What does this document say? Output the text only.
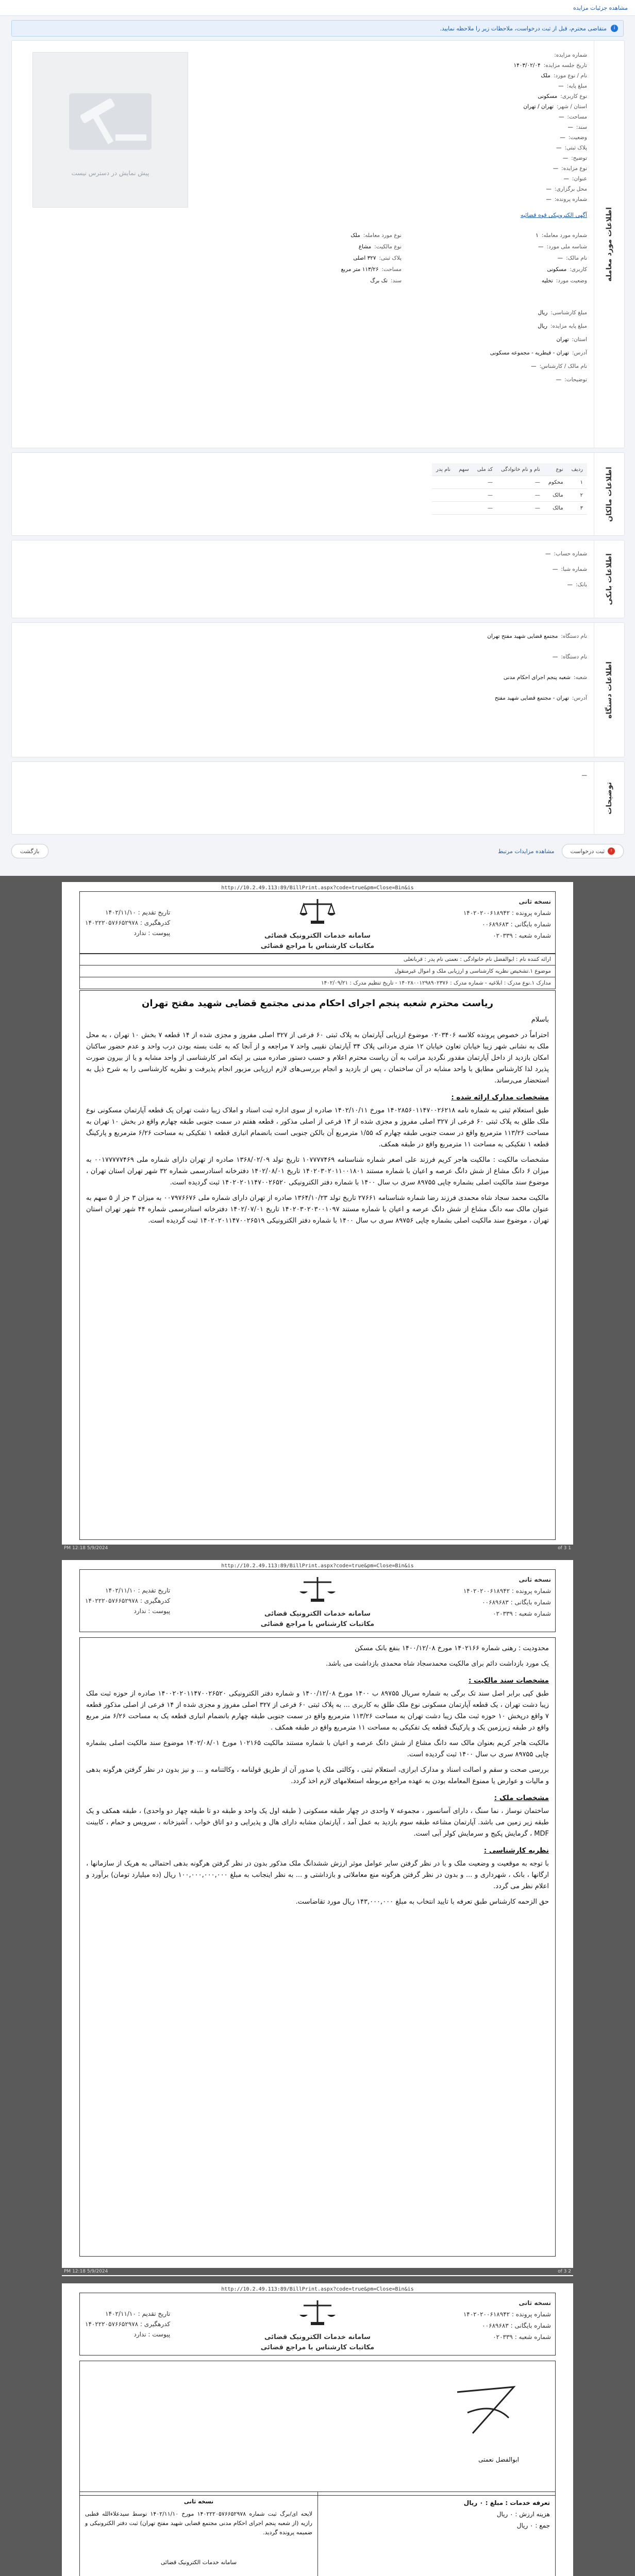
مشاهده جزئیات مزایده
i
متقاضی محترم، قبل از ثبت درخواست، ملاحظات زیر را ملاحظه نمایید.
اطلاعات مورد معامله
پیش نمایش در دسترس نیست
شماره مزایده:
تاریخ جلسه مزایده:
۱۴۰۳/۰۲/۰۴
نام / نوع مورد:
ملک
مبلغ پایه:
—
نوع کاربری:
مسکونی
استان / شهر:
تهران / تهران
مساحت:
—
سند:
—
وضعیت:
—
پلاک ثبتی:
—
توضیح:
—
نوع مزایده:
—
عنوان:
—
محل برگزاری:
—
شماره پرونده:
—
آگهی الکترونیکی قوه قضائیه
شماره مورد معامله:
۱
نوع مورد معامله:
ملک
شناسه ملی مورد:
—
نوع مالکیت:
مشاع
نام مالک:
—
پلاک ثبتی:
۳۲۷ اصلی
کاربری:
مسکونی
مساحت:
۱۱۳/۲۶ متر مربع
وضعیت مورد:
تخلیه
سند:
تک برگ
مبلغ کارشناسی:
ریال
مبلغ پایه مزایده:
ریال
استان:
تهران
آدرس:
تهران - قیطریه - مجموعه مسکونی
نام مالک / کارشناس:
—
توضیحات:
—
اطلاعات مالکان
ردیف	نوع	نام و نام خانوادگی	کد ملی	سهم	نام پدر
۱	محکوم	—	—		
۲	مالک	—	—		
۳	مالک	—	—		
اطلاعات بانکی
شماره حساب:
—
شماره شبا:
—
بانک:
—
اطلاعات دستگاه
نام دستگاه:
مجتمع قضایی شهید مفتح تهران
نام دستگاه:
—
شعبه:
شعبه پنجم اجرای احکام مدنی
آدرس:
تهران - مجتمع قضایی شهید مفتح
توضیحات
—
!
ثبت درخواست
مشاهده مزایدات مرتبط
بازگشت
http://10.2.49.113:89/BillPrint.aspx?code=true&pm=Close=Bin&is
نسخه ثانی
شماره پرونده : ۱۴۰۲۰۲۰۰۶۱۸۹۴۲
شماره بایگانی : ۰۰۶۸۹۶۸۳
شماره شعبه : ۰۲۰۳۳۹
سامانه خدمات الکترونیک قضائی
مکاتبات کارشناس با مراجع قضائی
تاریخ تقدیم : ۱۴۰۲/۱۱/۱۰
کدرهگیری : ۱۴۰۲۲۲۰۵۷۶۶۵۲۹۷۸
پیوست : ندارد
ارائه کننده نام : ابوالفضل نام خانوادگی : نعمتی نام پدر : قربانعلی
موضوع ۱.تشخیص نظریه کارشناسی و ارزیابی ملک و اموال غیرمنقول
مدارک ۱.نوع مدرک : ابلاغیه - شماره مدرک : ۱۴۰۲۸۰۰۱۲۹۸۹۰۲۳۷۶ - تاریخ تنظیم مدرک : ۱۴۰۲/۰۹/۲۱
ریاست محترم شعبه پنجم اجرای احکام مدنی مجتمع قضایی شهید مفتح تهران

باسلام

احتراماً در خصوص پرونده کلاسه ۰۲۰۳۴۰۶ موضوع ارزیابی آپارتمان به پلاک ثبتی ۶۰ فرعی از ۳۲۷ اصلی مفروز و مجزی شده از ۱۴ قطعه ۷ بخش ۱۰ تهران ، به محل ملک به نشانی شهر زیبا خیابان تعاون خیابان ۱۲ متری مردانی پلاک ۳۴ آپارتمان نقیبی واحد ۷ مراجعه و از آنجا که به علت بسته بودن درب واحد و عدم حضور ساکنان امکان بازدید از داخل آپارتمان مقدور نگردید مراتب به آن ریاست محترم اعلام و حسب دستور صادره مبنی بر اینکه امر کارشناسی از واحد مشابه و یا از بیرون صورت پذیرد لذا کارشناس مطابق با واحد مشابه در آن ساختمان ، پس از بازدید و انجام بررسی‌های لازم ارزیابی مزبور انجام پذیرفت و نظریه کارشناسی را به شرح ذیل به استحضار می‌رساند.

مشخصات مدارک ارائه شده :

طبق استعلام ثبتی به شماره نامه ۱۴۰۲۸۵۶۰۱۱۴۷۰۰۲۶۲۱۸ مورخ ۱۴۰۲/۱۰/۱۱ صادره از سوی اداره ثبت اسناد و املاک زیبا دشت تهران یک قطعه آپارتمان مسکونی نوع ملک طلق به پلاک ثبتی ۶۰ فرعی از ۳۲۷ اصلی مفروز و مجزی شده از ۱۴ فرعی از اصلی مذکور ، قطعه هفتم در سمت جنوبی طبقه چهارم واقع در بخش ۱۰ تهران به مساحت ۱۱۳/۲۶ مترمربع واقع در سمت جنوبی طبقه چهارم که ۱/۵۵ مترمربع آن بالکن جنوبی است بانضمام انباری قطعه ۱ تفکیکی به مساحت ۶/۲۶ مترمربع و پارکینگ قطعه ۱ تفکیکی به مساحت ۱۱ مترمربع واقع در طبقه همکف.

مشخصات مالکیت : مالکیت هاجر کریم فرزند علی اصغر شماره شناسنامه ۱۰۷۷۷۷۴۶۹ تاریخ تولد ۱۳۶۸/۰۲/۰۹ صادره از تهران دارای شماره ملی ۰۰۱۷۷۷۷۷۴۶۹ به میزان ۶ دانگ مشاع از شش دانگ عرصه و اعیان با شماره مستند ۱۴۰۲۰۳۰۲۰۱۱۰۰۱۸۰۱ تاریخ ۱۴۰۲/۰۸/۰۱ دفترخانه اسنادرسمی شماره ۳۲ شهر تهران استان تهران ، موضوع سند مالکیت اصلی بشماره چاپی ۸۹۷۵۵ سری ب سال ۱۴۰۰ با شماره دفتر الکترونیکی ۱۴۰۲۰۲۰۱۱۴۷۰۰۲۶۵۲۰ ثبت گردیده است.

مالکیت محمد سجاد شاه محمدی فرزند رضا شماره شناسنامه ۲۷۶۶۱ تاریخ تولد ۱۳۶۴/۱۰/۲۳ صادره از تهران دارای شماره ملی ۰۰۷۹۷۶۶۷۶ به میزان ۳ جز از ۵ سهم به عنوان مالک سه دانگ مشاع از شش دانگ عرصه و اعیان با شماره مستند ۱۴۰۲۰۳۰۲۰۳۰۰۱۰۹۷ تاریخ ۱۴۰۲/۰۷/۰۱ دفترخانه اسنادرسمی شماره ۴۴ شهر تهران استان تهران ، موضوع سند مالکیت اصلی بشماره چاپی ۸۹۷۵۶ سری ب سال ۱۴۰۰ با شماره دفتر الکترونیکی ۱۴۰۲۰۲۰۱۱۴۷۰۰۲۶۵۱۹ ثبت گردیده است.

1 of 3
5/9/2024 12:18 PM
http://10.2.49.113:89/BillPrint.aspx?code=true&pm=Close=Bin&is
نسخه ثانی
شماره پرونده : ۱۴۰۲۰۲۰۰۶۱۸۹۴۲
شماره بایگانی : ۰۰۶۸۹۶۸۳
شماره شعبه : ۰۲۰۳۳۹
سامانه خدمات الکترونیک قضائی
مکاتبات کارشناس با مراجع قضائی
تاریخ تقدیم : ۱۴۰۲/۱۱/۱۰
کدرهگیری : ۱۴۰۲۲۲۰۵۷۶۶۵۲۹۷۸
پیوست : ندارد

محدودیت : رهنی شماره ۱۴۰۲۱۶۶ مورخ ۱۴۰۰/۱۲/۰۸ بنفع بانک مسکن

یک مورد بازداشت دائم برای مالکیت محمدسجاد شاه محمدی بازداشت می باشد.

مشخصات سند مالکیت :

طبق کپی برابر اصل سند تک برگی به شماره سریال ۸۹۷۵۵ ب ۱۴۰۰ مورخ ۱۴۰۰/۱۲/۰۸ و شماره دفتر الکترونیکی ۱۴۰۰۲۰۲۰۱۱۴۷۰۰۲۶۵۲۰ صادره از حوزه ثبت ملک زیبا دشت تهران ، یک قطعه آپارتمان مسکونی نوع ملک طلق به کاربری ... به پلاک ثبتی ۶۰ فرعی از ۳۲۷ اصلی مفروز و مجزی شده از ۱۴ فرعی از اصلی مذکور قطعه ۷ واقع درپخش ۱۰ حوزه ثبت ملک زیبا دشت تهران به مساحت ۱۱۳/۲۶ مترمربع واقع در سمت جنوبی طبقه چهارم بانضمام انباری قطعه یک به مساحت ۶/۲۶ متر مربع واقع در طبقه زیرزمین یک و پارکینگ قطعه یک تفکیکی به مساحت ۱۱ مترمربع واقع در طبقه همکف .

مالکیت هاجر کریم بعنوان مالک سه دانگ مشاع از شش دانگ عرصه و اعیان با شماره مستند مالکیت ۱۰۲۱۶۵ مورخ ۱۴۰۲/۰۸/۰۱ موضوع سند مالکیت اصلی بشماره چاپی ۸۹۷۵۵ سری ب سال ۱۴۰۰ ثبت گردیده است.

بررسی صحت و سقم و اصالت اسناد و مدارک ابرازی، استعلام ثبتی ، وکالتی ملک یا صدور آن از طریق قولنامه ، وکالتنامه و ... و نیز بدون در نظر گرفتن هرگونه بدهی و مالیات و عوارض یا ممنوع المعامله بودن به عهده مراجع مربوطه استعلامهای لازم اخذ گردد.

مشخصات ملک :

ساختمان نوساز ، نما سنگ ، دارای آسانسور ، مجموعه ۷ واحدی در چهار طبقه مسکونی ( طبقه اول یک واحد و طبقه دو تا طبقه چهار دو واحدی) ، طبقه همکف و یک طبقه زیر زمین می باشد. آپارتمان مشاعه طبقه سوم بازدید به عمل آمد ، آپارتمان مشابه دارای هال و پذیرایی و دو اتاق خواب ، آشپزخانه ، سرویس و حمام ، کابینت MDF ، گرمایش پکیج و سرمایش کولر آبی است.

نظریه کارشناسی :

با توجه به موقعیت و وضعیت ملک و با در نظر گرفتن سایر عوامل موثر ارزش ششدانگ ملک مذکور بدون در نظر گرفتن هرگونه بدهی احتمالی به هریک از سازمانها ، ارگانها ، بانک ، شهرداری و ... و بدون در نظر گرفتن هرگونه منع معاملاتی و بازداشتی و ... به نظر اینجانب به مبلغ ۱۰۰,۰۰۰,۰۰۰,۰۰۰ ریال (ده میلیارد تومان) برآورد و اعلام نظر می گردد.

حق الزحمه کارشناس طبق تعرفه با تایید انتخاب به مبلغ ۱۴۳,۰۰۰,۰۰۰ ریال مورد تقاضاست.

2 of 3
5/9/2024 12:18 PM
http://10.2.49.113:89/BillPrint.aspx?code=true&pm=Close=Bin&is
نسخه ثانی
شماره پرونده : ۱۴۰۲۰۲۰۰۶۱۸۹۴۲
شماره بایگانی : ۰۰۶۸۹۶۸۳
شماره شعبه : ۰۲۰۳۳۹
سامانه خدمات الکترونیک قضائی
مکاتبات کارشناس با مراجع قضائی
تاریخ تقدیم : ۱۴۰۲/۱۱/۱۰
کدرهگیری : ۱۴۰۲۲۲۰۵۷۶۶۵۲۹۷۸
پیوست : ندارد
ابوالفضل نعمتی
تعرفه خدمات : مبلغ : ۰ ریال
هزینه ارزش : ۰ ریال
جمع : ۰ ریال
نسخه ثانی
لایحه ای/برگ ثبت شماره ۱۴۰۲۲۲۰۵۷۶۶۵۲۹۷۸ مورخ ۱۴۰۲/۱۱/۱۰ توسط سیدعلاءالله قطبی رازیه (از شعبه پنجم اجرای احکام مدنی مجتمع قضایی شهید مفتح تهران) ثبت دفتر الکترونیکی و ضمیمه پرونده گردید.
سامانه خدمات الکترونیک قضائی
